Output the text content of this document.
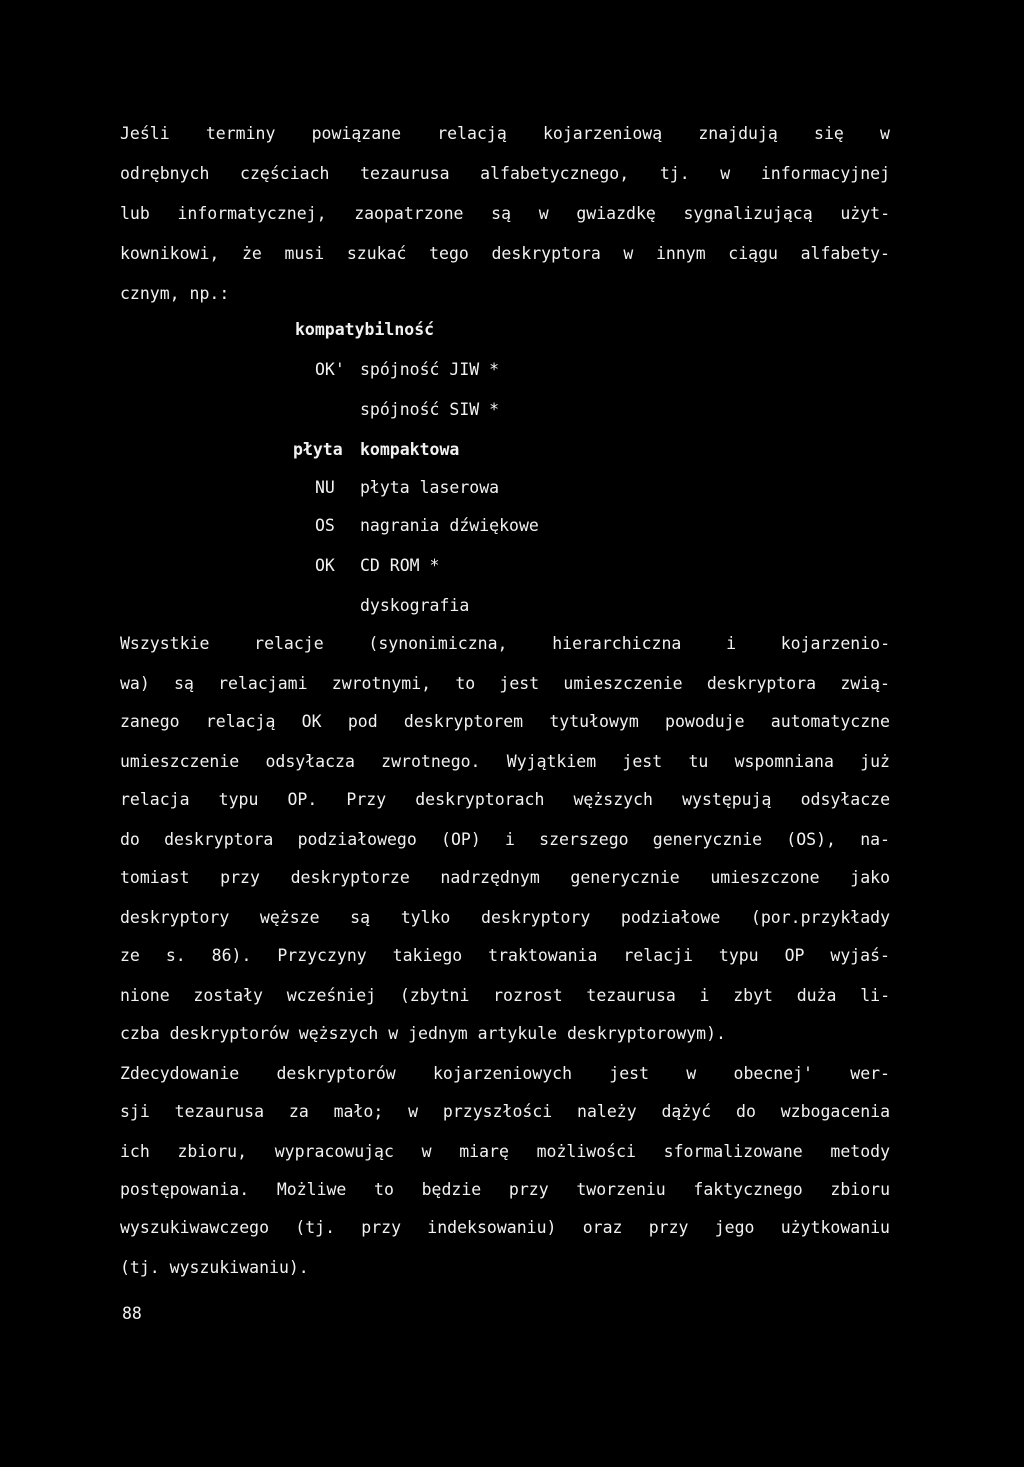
Jeśli terminy powiązane relacją kojarzeniową znajdują się w
odrębnych częściach tezaurusa alfabetycznego, tj. w informacyjnej
lub informatycznej, zaopatrzone są w gwiazdkę sygnalizującą użyt-
kownikowi, że musi szukać tego deskryptora w innym ciągu alfabety-
cznym, np.:
kompatybilność
OK' spójność JIW *
spójność SIW *
płyta kompaktowa
NU płyta laserowa
OS nagrania dźwiękowe
OK CD ROM *
dyskografia
Wszystkie relacje (synonimiczna, hierarchiczna i kojarzenio-
wa) są relacjami zwrotnymi, to jest umieszczenie deskryptora zwią-
zanego relacją OK pod deskryptorem tytułowym powoduje automatyczne
umieszczenie odsyłacza zwrotnego. Wyjątkiem jest tu wspomniana już
relacja typu OP. Przy deskryptorach węższych występują odsyłacze
do deskryptora podziałowego (OP) i szerszego generycznie (OS), na-
tomiast przy deskryptorze nadrzędnym generycznie umieszczone jako
deskryptory węższe są tylko deskryptory podziałowe (por.przykłady
ze s. 86). Przyczyny takiego traktowania relacji typu OP wyjaś-
nione zostały wcześniej (zbytni rozrost tezaurusa i zbyt duża li-
czba deskryptorów węższych w jednym artykule deskryptorowym).
Zdecydowanie deskryptorów kojarzeniowych jest w obecnej' wer-
sji tezaurusa za mało; w przyszłości należy dążyć do wzbogacenia
ich zbioru, wypracowując w miarę możliwości sformalizowane metody
postępowania. Możliwe to będzie przy tworzeniu faktycznego zbioru
wyszukiwawczego (tj. przy indeksowaniu) oraz przy jego użytkowaniu
(tj. wyszukiwaniu).
88
